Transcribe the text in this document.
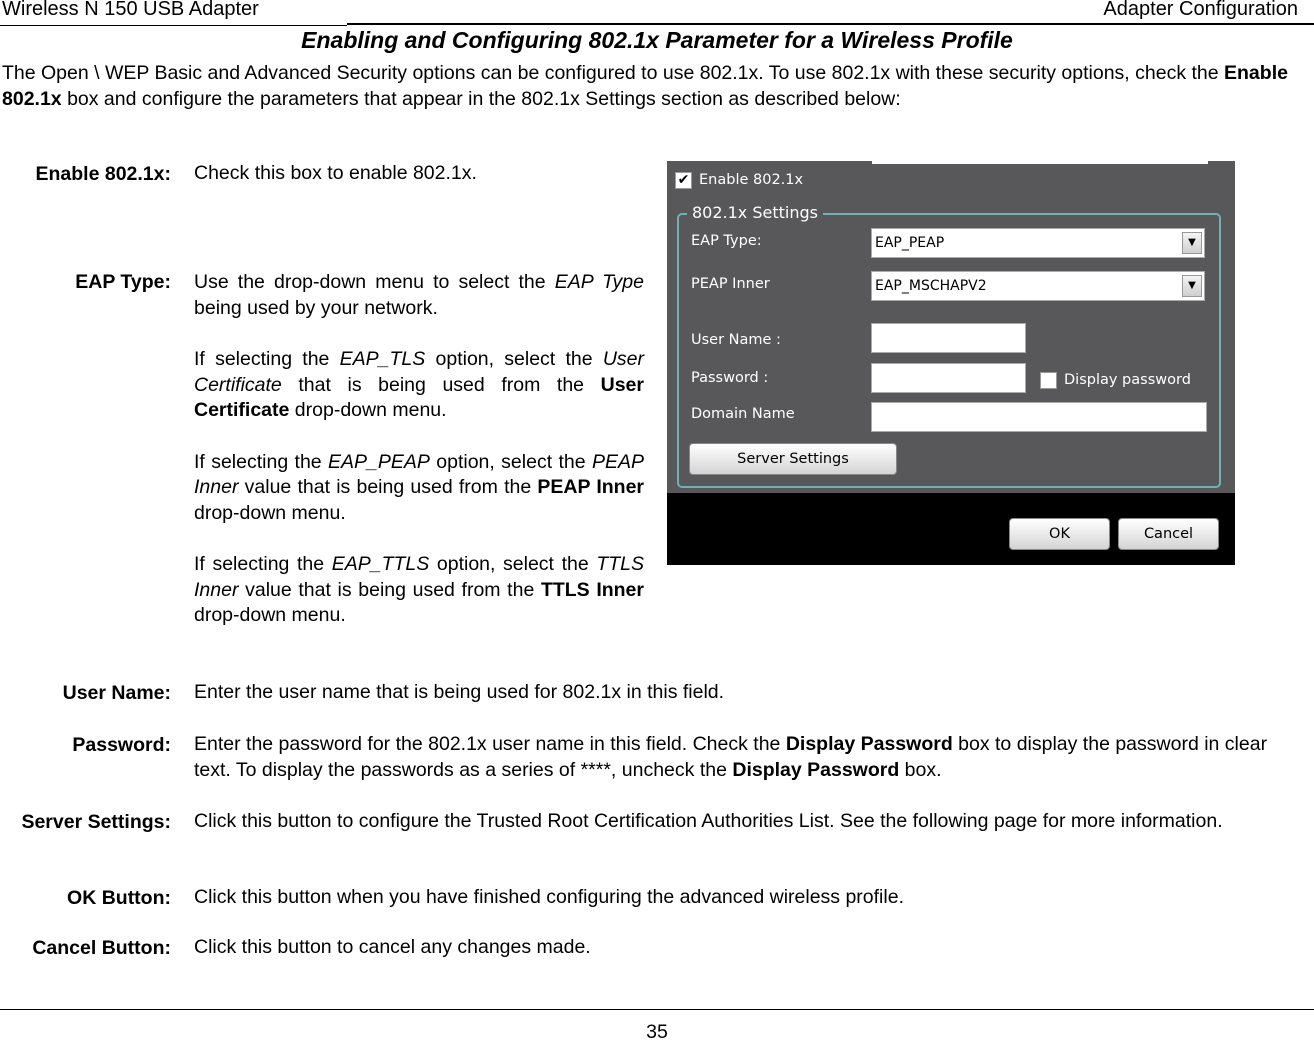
Wireless N 150 USB Adapter	Adapter Configuration
Enabling and Configuring 802.1x Parameter for a Wireless Profile
The Open \ WEP Basic and Advanced Security options can be configured to use 802.1x. To use 802.1x with these security options, check the Enable 802.1x box and configure the parameters that appear in the 802.1x Settings section as described below:
Enable 802.1x: Check this box to enable 802.1x.
EAP Type: Use the drop-down menu to select the EAP Type being used by your network.

If selecting the EAP_TLS option, select the User Certificate that is being used from the User Certificate drop-down menu.

If selecting the EAP_PEAP option, select the PEAP Inner value that is being used from the PEAP Inner drop-down menu.

If selecting the EAP_TTLS option, select the TTLS Inner value that is being used from the TTLS Inner drop-down menu.

✔ Enable 802.1x
802.1x Settings
EAP Type:	EAP_PEAP	▼
PEAP Inner	EAP_MSCHAPV2	▼
User Name :
Password :	Display password
Domain Name
Server Settings
OK	Cancel
User Name: Enter the user name that is being used for 802.1x in this field.
Password: Enter the password for the 802.1x user name in this field. Check the Display Password box to display the password in clear text. To display the passwords as a series of ****, uncheck the Display Password box.
Server Settings: Click this button to configure the Trusted Root Certification Authorities List. See the following page for more information.
OK Button: Click this button when you have finished configuring the advanced wireless profile.
Cancel Button: Click this button to cancel any changes made.
35
